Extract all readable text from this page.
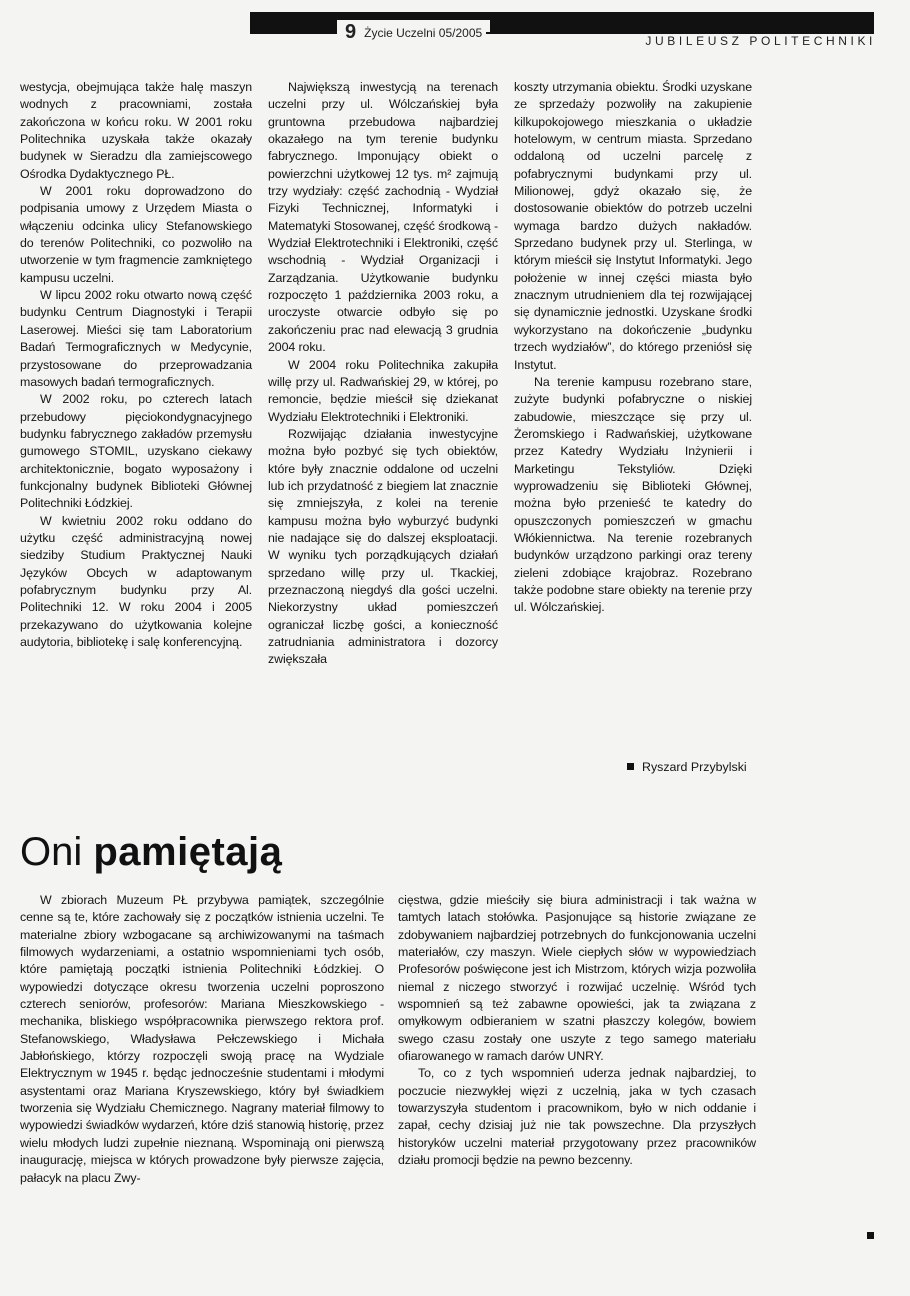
9 Życie Uczelni 05/2005
JUBILEUSZ POLITECHNIKI

westycja, obejmująca także halę maszyn wodnych z pracowniami, została zakończona w końcu roku. W 2001 roku Politechnika uzyskała także okazały budynek w Sieradzu dla zamiejscowego Ośrodka Dydaktycznego PŁ.

W 2001 roku doprowadzono do podpisania umowy z Urzędem Miasta o włączeniu odcinka ulicy Stefanowskiego do terenów Politechniki, co pozwoliło na utworzenie w tym fragmencie zamkniętego kampusu uczelni.

W lipcu 2002 roku otwarto nową część budynku Centrum Diagnostyki i Terapii Laserowej. Mieści się tam Laboratorium Badań Termograficznych w Medycynie, przystosowane do przeprowadzania masowych badań termograficznych.

W 2002 roku, po czterech latach przebudowy pięciokondygnacyjnego budynku fabrycznego zakładów przemysłu gumowego STOMIL, uzyskano ciekawy architektonicznie, bogato wyposażony i funkcjonalny budynek Biblioteki Głównej Politechniki Łódzkiej.

W kwietniu 2002 roku oddano do użytku część administracyjną nowej siedziby Studium Praktycznej Nauki Języków Obcych w adaptowanym pofabrycznym budynku przy Al. Politechniki 12. W roku 2004 i 2005 przekazywano do użytkowania kolejne audytoria, bibliotekę i salę konferencyjną.

Największą inwestycją na terenach uczelni przy ul. Wólczańskiej była gruntowna przebudowa najbardziej okazałego na tym terenie budynku fabrycznego. Imponujący obiekt o powierzchni użytkowej 12 tys. m² zajmują trzy wydziały: część zachodnią - Wydział Fizyki Technicznej, Informatyki i Matematyki Stosowanej, część środkową - Wydział Elektrotechniki i Elektroniki, część wschodnią - Wydział Organizacji i Zarządzania. Użytkowanie budynku rozpoczęto 1 października 2003 roku, a uroczyste otwarcie odbyło się po zakończeniu prac nad elewacją 3 grudnia 2004 roku.

W 2004 roku Politechnika zakupiła willę przy ul. Radwańskiej 29, w której, po remoncie, będzie mieścił się dziekanat Wydziału Elektrotechniki i Elektroniki.

Rozwijając działania inwestycyjne można było pozbyć się tych obiektów, które były znacznie oddalone od uczelni lub ich przydatność z biegiem lat znacznie się zmniejszyła, z kolei na terenie kampusu można było wyburzyć budynki nie nadające się do dalszej eksploatacji. W wyniku tych porządkujących działań sprzedano willę przy ul. Tkackiej, przeznaczoną niegdyś dla gości uczelni. Niekorzystny układ pomieszczeń ograniczał liczbę gości, a konieczność zatrudniania administratora i dozorcy zwiększała

koszty utrzymania obiektu. Środki uzyskane ze sprzedaży pozwoliły na zakupienie kilkupokojowego mieszkania o układzie hotelowym, w centrum miasta. Sprzedano oddaloną od uczelni parcelę z pofabrycznymi budynkami przy ul. Milionowej, gdyż okazało się, że dostosowanie obiektów do potrzeb uczelni wymaga bardzo dużych nakładów. Sprzedano budynek przy ul. Sterlinga, w którym mieścił się Instytut Informatyki. Jego położenie w innej części miasta było znacznym utrudnieniem dla tej rozwijającej się dynamicznie jednostki. Uzyskane środki wykorzystano na dokończenie „budynku trzech wydziałów”, do którego przeniósł się Instytut.

Na terenie kampusu rozebrano stare, zużyte budynki pofabryczne o niskiej zabudowie, mieszczące się przy ul. Żeromskiego i Radwańskiej, użytkowane przez Katedry Wydziału Inżynierii i Marketingu Tekstyliów. Dzięki wyprowadzeniu się Biblioteki Głównej, można było przenieść te katedry do opuszczonych pomieszczeń w gmachu Włókiennictwa. Na terenie rozebranych budynków urządzono parkingi oraz tereny zieleni zdobiące krajobraz. Rozebrano także podobne stare obiekty na terenie przy ul. Wólczańskiej.

Ryszard Przybylski
Oni pamiętają

W zbiorach Muzeum PŁ przybywa pamiątek, szczególnie cenne są te, które zachowały się z początków istnienia uczelni. Te materialne zbiory wzbogacane są archiwizowanymi na taśmach filmowych wydarzeniami, a ostatnio wspomnieniami tych osób, które pamiętają początki istnienia Politechniki Łódzkiej. O wypowiedzi dotyczące okresu tworzenia uczelni poproszono czterech seniorów, profesorów: Mariana Mieszkowskiego - mechanika, bliskiego współpracownika pierwszego rektora prof. Stefanowskiego, Władysława Pełczewskiego i Michała Jabłońskiego, którzy rozpoczęli swoją pracę na Wydziale Elektrycznym w 1945 r. będąc jednocześnie studentami i młodymi asystentami oraz Mariana Kryszewskiego, który był świadkiem tworzenia się Wydziału Chemicznego. Nagrany materiał filmowy to wypowiedzi świadków wydarzeń, które dziś stanowią historię, przez wielu młodych ludzi zupełnie nieznaną. Wspominają oni pierwszą inaugurację, miejsca w których prowadzone były pierwsze zajęcia, pałacyk na placu Zwy-

cięstwa, gdzie mieściły się biura administracji i tak ważna w tamtych latach stołówka. Pasjonujące są historie związane ze zdobywaniem najbardziej potrzebnych do funkcjonowania uczelni materiałów, czy maszyn. Wiele ciepłych słów w wypowiedziach Profesorów poświęcone jest ich Mistrzom, których wizja pozwoliła niemal z niczego stworzyć i rozwijać uczelnię. Wśród tych wspomnień są też zabawne opowieści, jak ta związana z omyłkowym odbieraniem w szatni płaszczy kolegów, bowiem swego czasu zostały one uszyte z tego samego materiału ofiarowanego w ramach darów UNRY.

To, co z tych wspomnień uderza jednak najbardziej, to poczucie niezwykłej więzi z uczelnią, jaka w tych czasach towarzyszyła studentom i pracownikom, było w nich oddanie i zapał, cechy dzisiaj już nie tak powszechne. Dla przyszłych historyków uczelni materiał przygotowany przez pracowników działu promocji będzie na pewno bezcenny.
